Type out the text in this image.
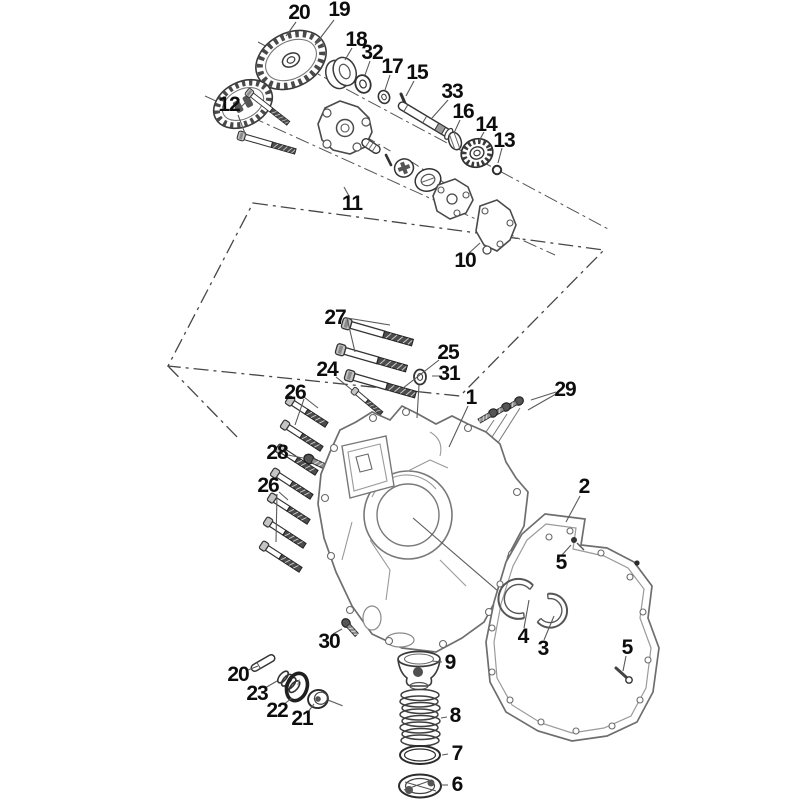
20 19
18
32
17 15
33
16
14
13
12
11
10
27
25
24	31
26	29
1
28
26	2
5
4
3
30	5
20
9
23
22	8
21
7
6
